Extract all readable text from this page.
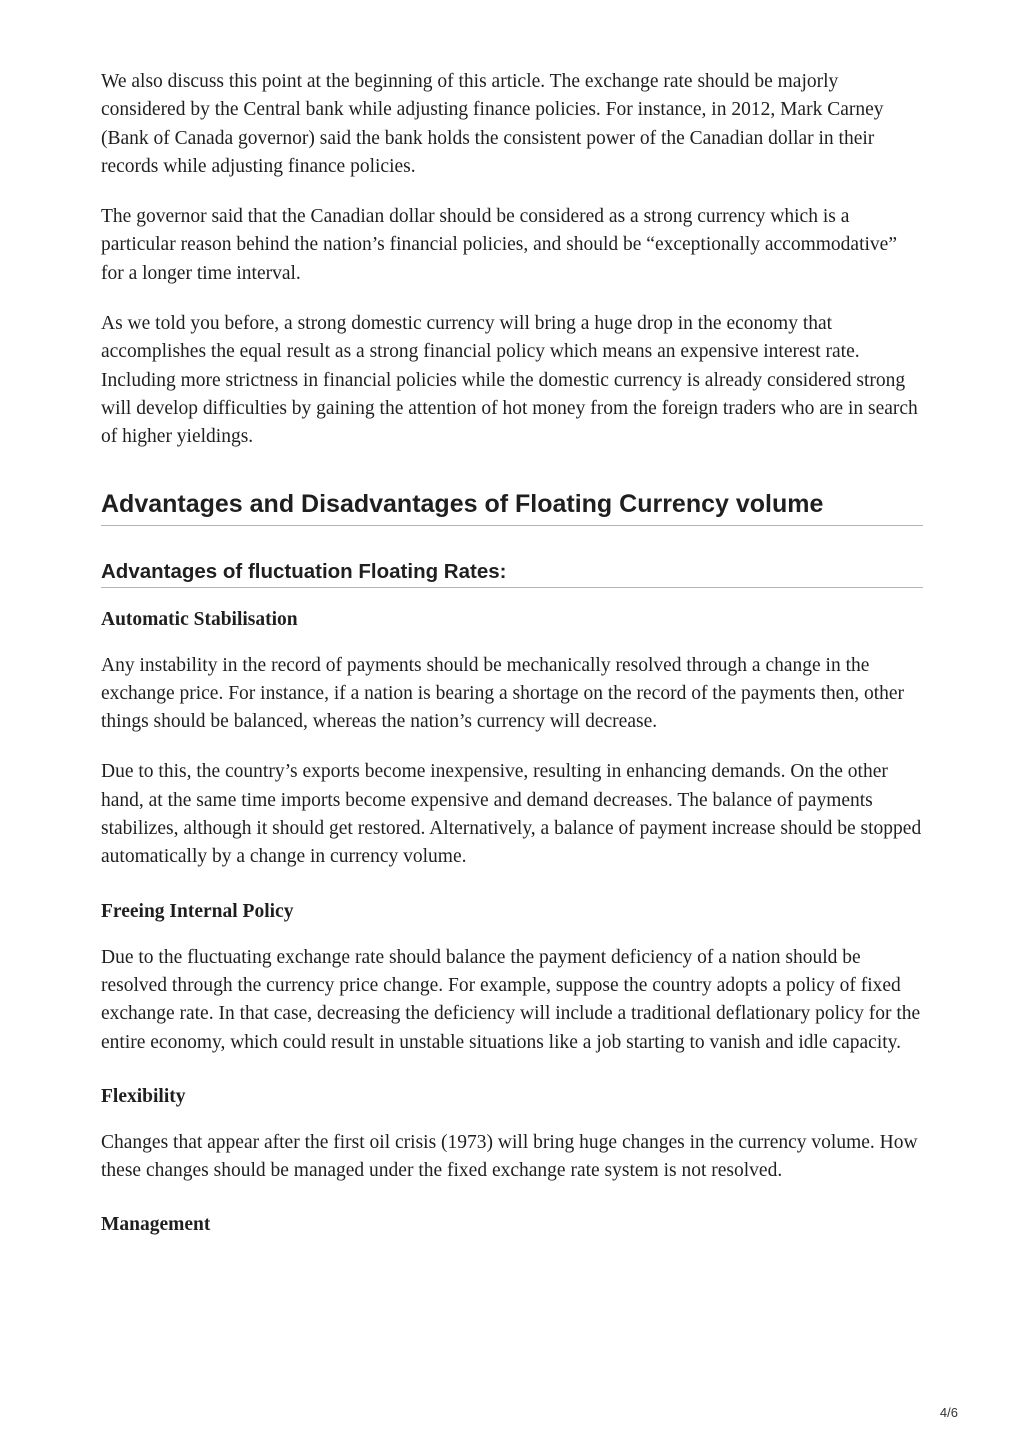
We also discuss this point at the beginning of this article. The exchange rate should be majorly considered by the Central bank while adjusting finance policies. For instance, in 2012, Mark Carney (Bank of Canada governor) said the bank holds the consistent power of the Canadian dollar in their records while adjusting finance policies.

The governor said that the Canadian dollar should be considered as a strong currency which is a particular reason behind the nation’s financial policies, and should be “exceptionally accommodative” for a longer time interval.

As we told you before, a strong domestic currency will bring a huge drop in the economy that accomplishes the equal result as a strong financial policy which means an expensive interest rate. Including more strictness in financial policies while the domestic currency is already considered strong will develop difficulties by gaining the attention of hot money from the foreign traders who are in search of higher yieldings.

Advantages and Disadvantages of Floating Currency volume
Advantages of fluctuation Floating Rates:
Automatic Stabilisation

Any instability in the record of payments should be mechanically resolved through a change in the exchange price. For instance, if a nation is bearing a shortage on the record of the payments then, other things should be balanced, whereas the nation’s currency will decrease.

Due to this, the country’s exports become inexpensive, resulting in enhancing demands. On the other hand, at the same time imports become expensive and demand decreases. The balance of payments stabilizes, although it should get restored. Alternatively, a balance of payment increase should be stopped automatically by a change in currency volume.

Freeing Internal Policy

Due to the fluctuating exchange rate should balance the payment deficiency of a nation should be resolved through the currency price change. For example, suppose the country adopts a policy of fixed exchange rate. In that case, decreasing the deficiency will include a traditional deflationary policy for the entire economy, which could result in unstable situations like a job starting to vanish and idle capacity.

Flexibility

Changes that appear after the first oil crisis (1973) will bring huge changes in the currency volume. How these changes should be managed under the fixed exchange rate system is not resolved.

Management
4/6
